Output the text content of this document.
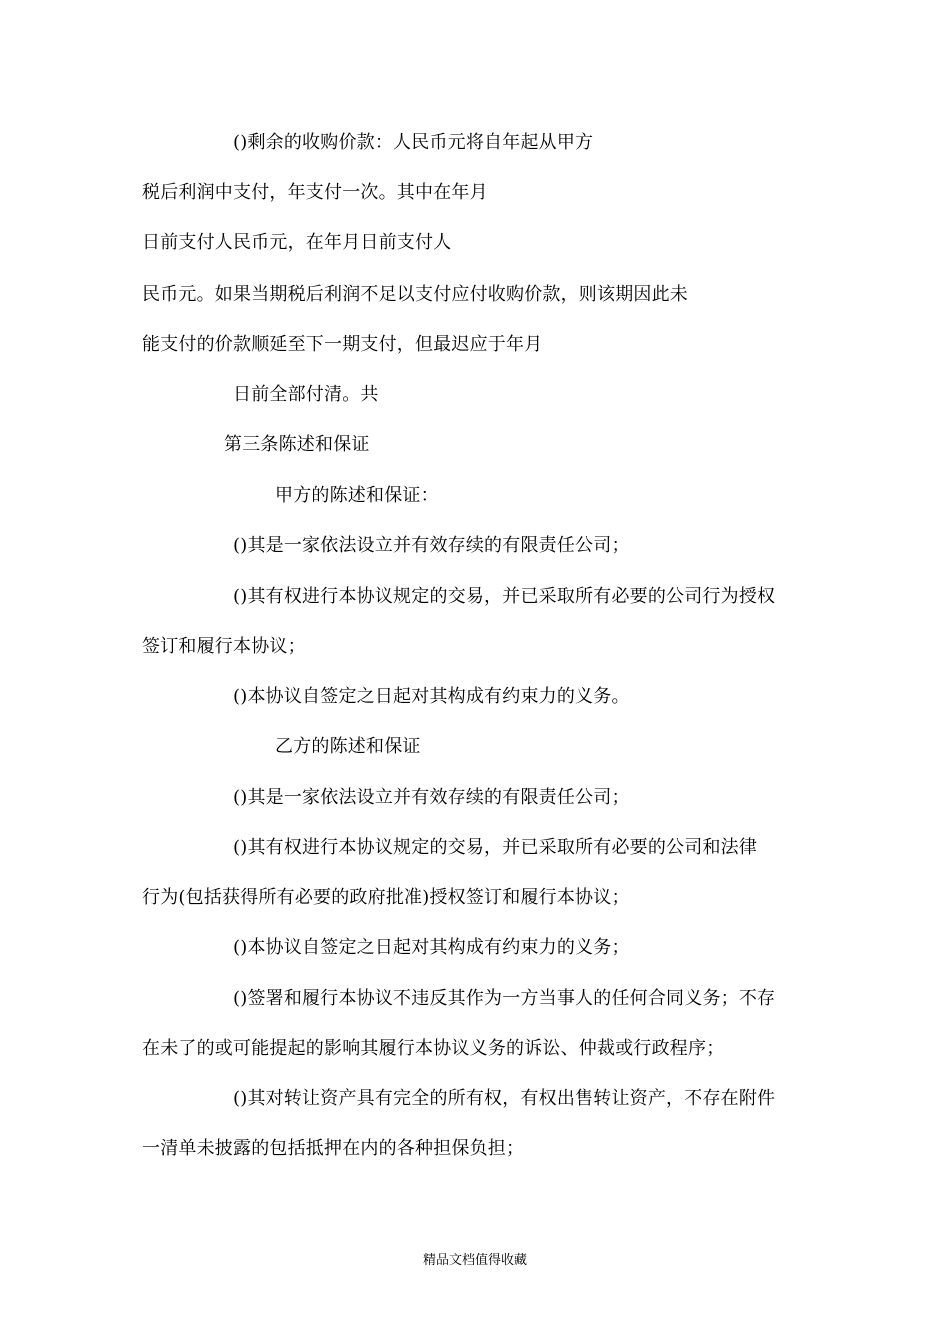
()剩余的收购价款：人民币元将自年起从甲方
税后利润中支付，年支付一次。其中在年月
日前支付人民币元，在年月日前支付人
民币元。如果当期税后利润不足以支付应付收购价款，则该期因此未
能支付的价款顺延至下一期支付，但最迟应于年月
日前全部付清。共
第三条陈述和保证
甲方的陈述和保证：
()其是一家依法设立并有效存续的有限责任公司；
()其有权进行本协议规定的交易，并已采取所有必要的公司行为授权
签订和履行本协议；
()本协议自签定之日起对其构成有约束力的义务。
乙方的陈述和保证
()其是一家依法设立并有效存续的有限责任公司；
()其有权进行本协议规定的交易，并已采取所有必要的公司和法律
行为(包括获得所有必要的政府批准)授权签订和履行本协议；
()本协议自签定之日起对其构成有约束力的义务；
()签署和履行本协议不违反其作为一方当事人的任何合同义务；不存
在未了的或可能提起的影响其履行本协议义务的诉讼、仲裁或行政程序；
()其对转让资产具有完全的所有权，有权出售转让资产，不存在附件
一清单未披露的包括抵押在内的各种担保负担；
精品文档值得收藏
